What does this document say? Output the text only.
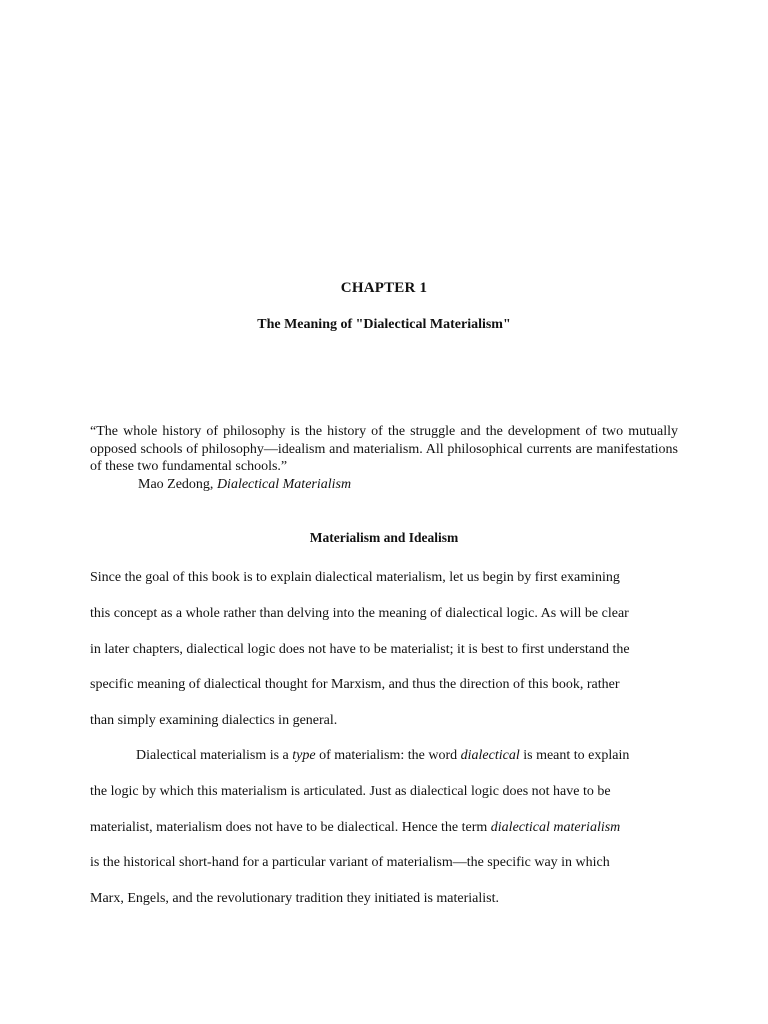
CHAPTER 1
The Meaning of "Dialectical Materialism"
“The whole history of philosophy is the history of the struggle and the development of two mutually opposed schools of philosophy—idealism and materialism. All philosophical currents are manifestations of these two fundamental schools.”
Mao Zedong, Dialectical Materialism
Materialism and Idealism
Since the goal of this book is to explain dialectical materialism, let us begin by first examining
this concept as a whole rather than delving into the meaning of dialectical logic. As will be clear
in later chapters, dialectical logic does not have to be materialist; it is best to first understand the
specific meaning of dialectical thought for Marxism, and thus the direction of this book, rather
than simply examining dialectics in general.
Dialectical materialism is a type of materialism: the word dialectical is meant to explain
the logic by which this materialism is articulated. Just as dialectical logic does not have to be
materialist, materialism does not have to be dialectical. Hence the term dialectical materialism
is the historical short-hand for a particular variant of materialism—the specific way in which
Marx, Engels, and the revolutionary tradition they initiated is materialist.
